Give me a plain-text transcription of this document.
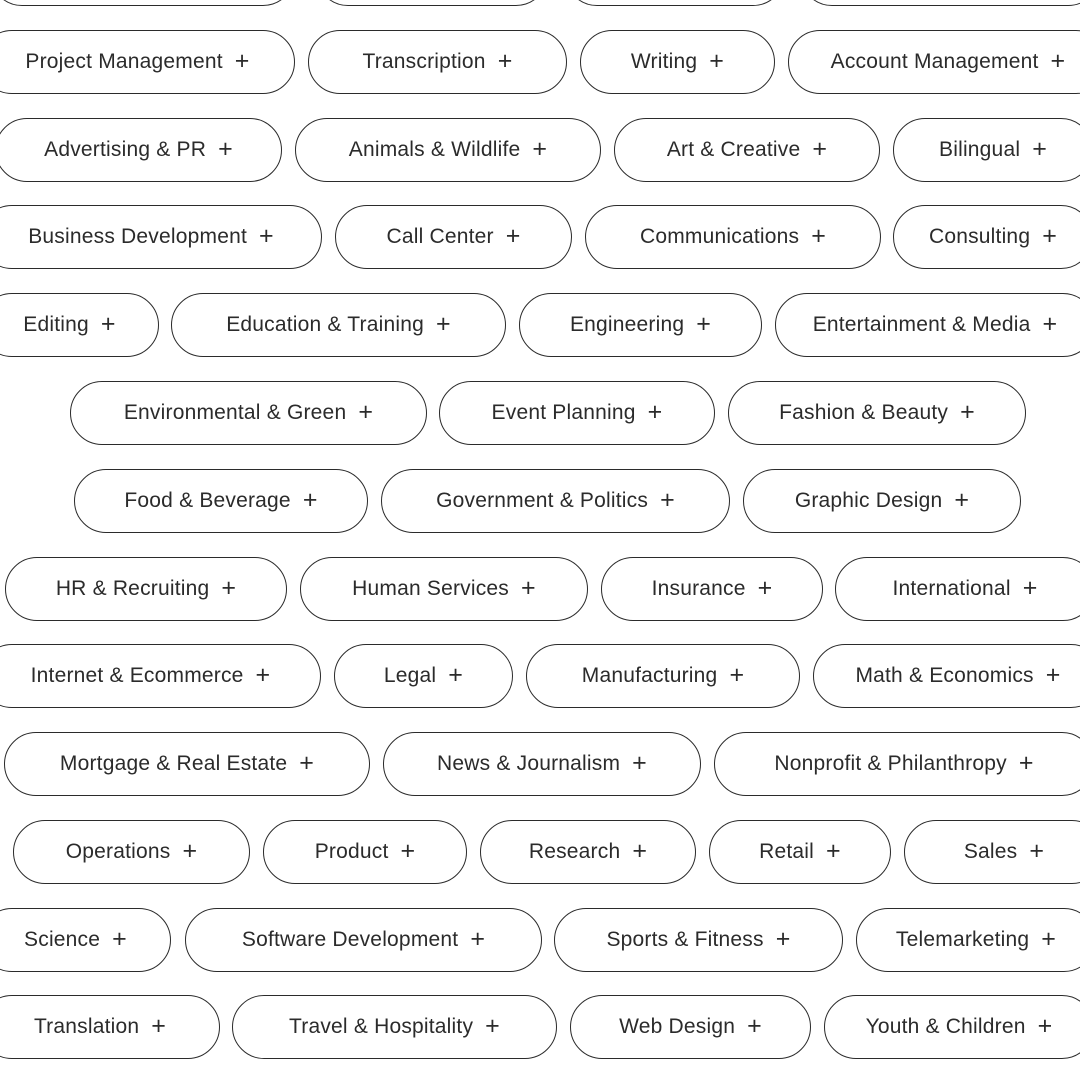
Project Management +	Transcription +	Writing +	Account Management +
Advertising & PR +	Animals & Wildlife +	Art & Creative +	Bilingual +
Business Development +	Call Center +	Communications +	Consulting +
Editing +	Education & Training +	Engineering +	Entertainment & Media +
Environmental & Green +	Event Planning +	Fashion & Beauty +
Food & Beverage +	Government & Politics +	Graphic Design +
HR & Recruiting +	Human Services +	Insurance +	International +
Internet & Ecommerce +	Legal +	Manufacturing +	Math & Economics +
Mortgage & Real Estate +	News & Journalism +	Nonprofit & Philanthropy +
Operations +	Product +	Research +	Retail +	Sales +
Science +	Software Development +	Sports & Fitness +	Telemarketing +
Translation +	Travel & Hospitality +	Web Design +	Youth & Children +
